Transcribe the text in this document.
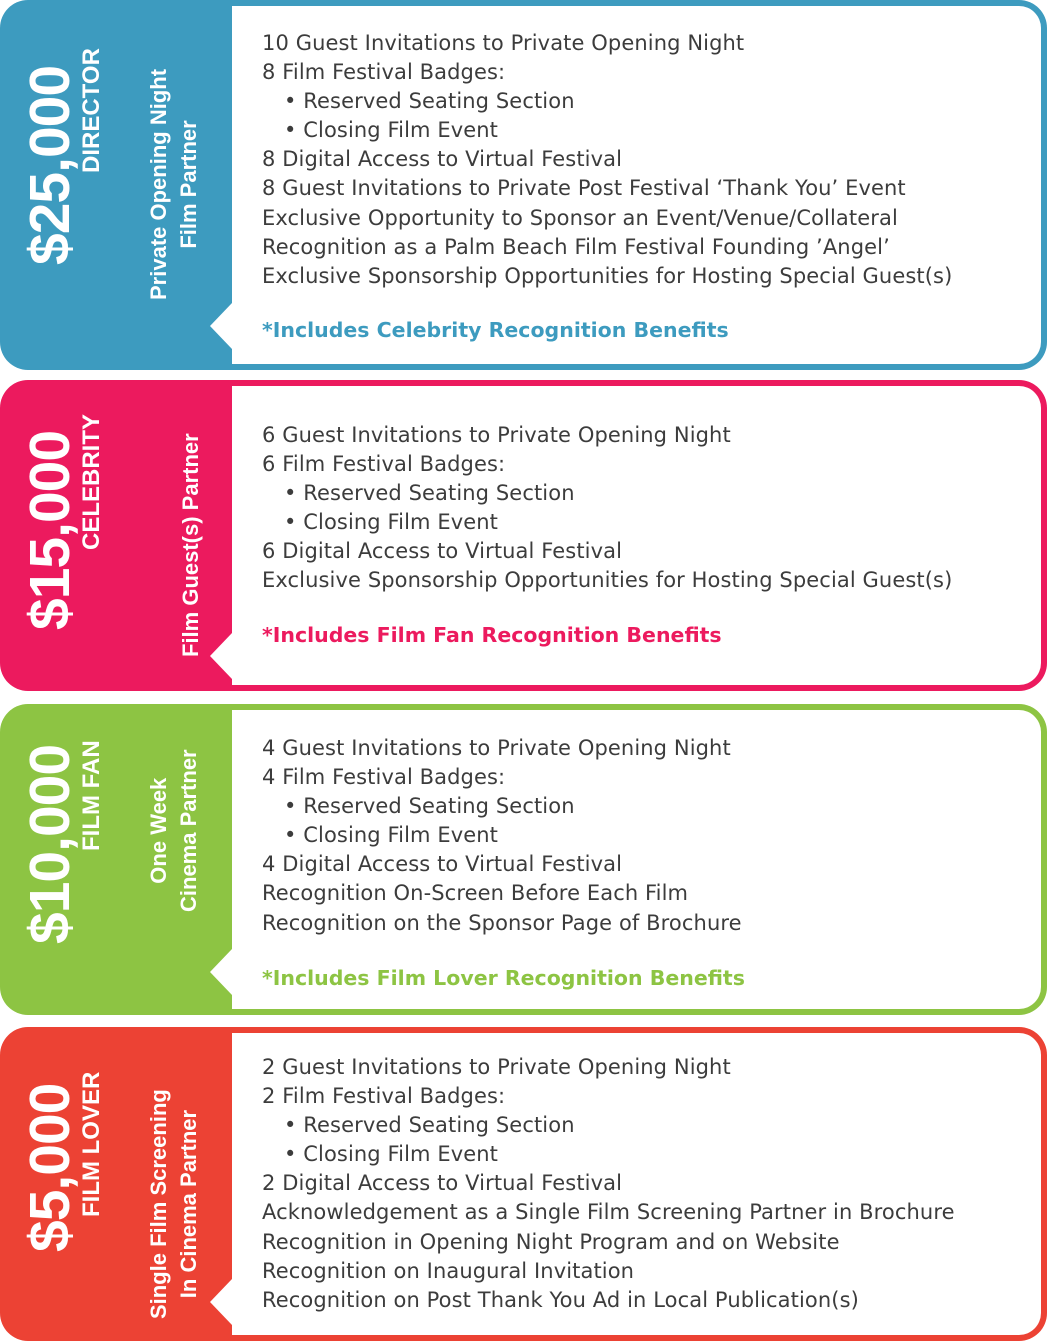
$25,000
DIRECTOR Private Opening Night Film Partner
10 Guest Invitations to Private Opening Night
8 Film Festival Badges:
• Reserved Seating Section
• Closing Film Event
8 Digital Access to Virtual Festival
8 Guest Invitations to Private Post Festival ‘Thank You’ Event
Exclusive Opportunity to Sponsor an Event/Venue/Collateral
Recognition as a Palm Beach Film Festival Founding ’Angel’
Exclusive Sponsorship Opportunities for Hosting Special Guest(s)
*Includes Celebrity Recognition Benefits
$15,000
CELEBRITY	Film Guest(s) Partner	6 Guest Invitations to Private Opening Night
6 Film Festival Badges:
• Reserved Seating Section
• Closing Film Event
6 Digital Access to Virtual Festival
Exclusive Sponsorship Opportunities for Hosting Special Guest(s)
*Includes Film Fan Recognition Benefits
$10,000
FILM FAN One Week Cinema Partner
4 Guest Invitations to Private Opening Night
4 Film Festival Badges:
• Reserved Seating Section
• Closing Film Event
4 Digital Access to Virtual Festival
Recognition On-Screen Before Each Film
Recognition on the Sponsor Page of Brochure
*Includes Film Lover Recognition Benefits
$5,000
FILM LOVER Single Film Screening In Cinema Partner
2 Guest Invitations to Private Opening Night
2 Film Festival Badges:
• Reserved Seating Section
• Closing Film Event
2 Digital Access to Virtual Festival
Acknowledgement as a Single Film Screening Partner in Brochure
Recognition in Opening Night Program and on Website
Recognition on Inaugural Invitation
Recognition on Post Thank You Ad in Local Publication(s)
